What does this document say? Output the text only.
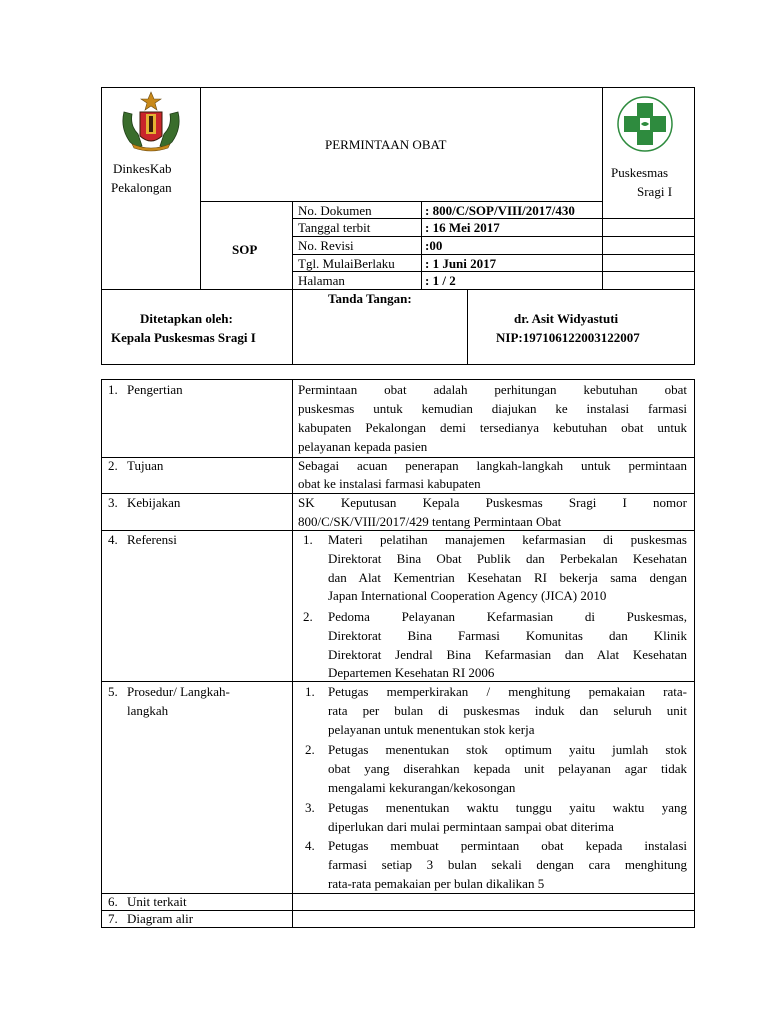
DinkesKab
Pekalongan
PERMINTAAN OBAT
Puskesmas
Sragi I
SOP
No. Dokumen	: 800/C/SOP/VIII/2017/430
Tanggal terbit	: 16 Mei 2017
No. Revisi	:00
Tgl. MulaiBerlaku : 1 Juni 2017
Halaman	: 1 / 2
Ditetapkan oleh:
Kepala Puskesmas Sragi I
Tanda Tangan:
dr. Asit Widyastuti
NIP:197106122003122007
1. Pengertian	Permintaan obat adalah perhitungan kebutuhan obat
puskesmas untuk kemudian diajukan ke instalasi farmasi
kabupaten Pekalongan demi tersedianya kebutuhan obat untuk
pelayanan kepada pasien
2. Tujuan	Sebagai acuan penerapan langkah-langkah untuk permintaan
obat ke instalasi farmasi kabupaten
3. Kebijakan	SK Keputusan Kepala Puskesmas Sragi I nomor
800/C/SK/VIII/2017/429 tentang Permintaan Obat
4. Referensi	1. Materi pelatihan manajemen kefarmasian di puskesmas
Direktorat Bina Obat Publik dan Perbekalan Kesehatan
dan Alat Kementrian Kesehatan RI bekerja sama dengan
Japan International Cooperation Agency (JICA) 2010
2. Pedoma Pelayanan Kefarmasian di Puskesmas,
Direktorat Bina Farmasi Komunitas dan Klinik
Direktorat Jendral Bina Kefarmasian dan Alat Kesehatan
Departemen Kesehatan RI 2006
5. Prosedur/ Langkah-
langkah
1. Petugas memperkirakan / menghitung pemakaian rata-
rata per bulan di puskesmas induk dan seluruh unit
pelayanan untuk menentukan stok kerja
2. Petugas menentukan stok optimum yaitu jumlah stok
obat yang diserahkan kepada unit pelayanan agar tidak
mengalami kekurangan/kekosongan
3. Petugas menentukan waktu tunggu yaitu waktu yang
diperlukan dari mulai permintaan sampai obat diterima
4. Petugas membuat permintaan obat kepada instalasi
farmasi setiap 3 bulan sekali dengan cara menghitung
rata-rata pemakaian per bulan dikalikan 5
6. Unit terkait
7. Diagram alir
